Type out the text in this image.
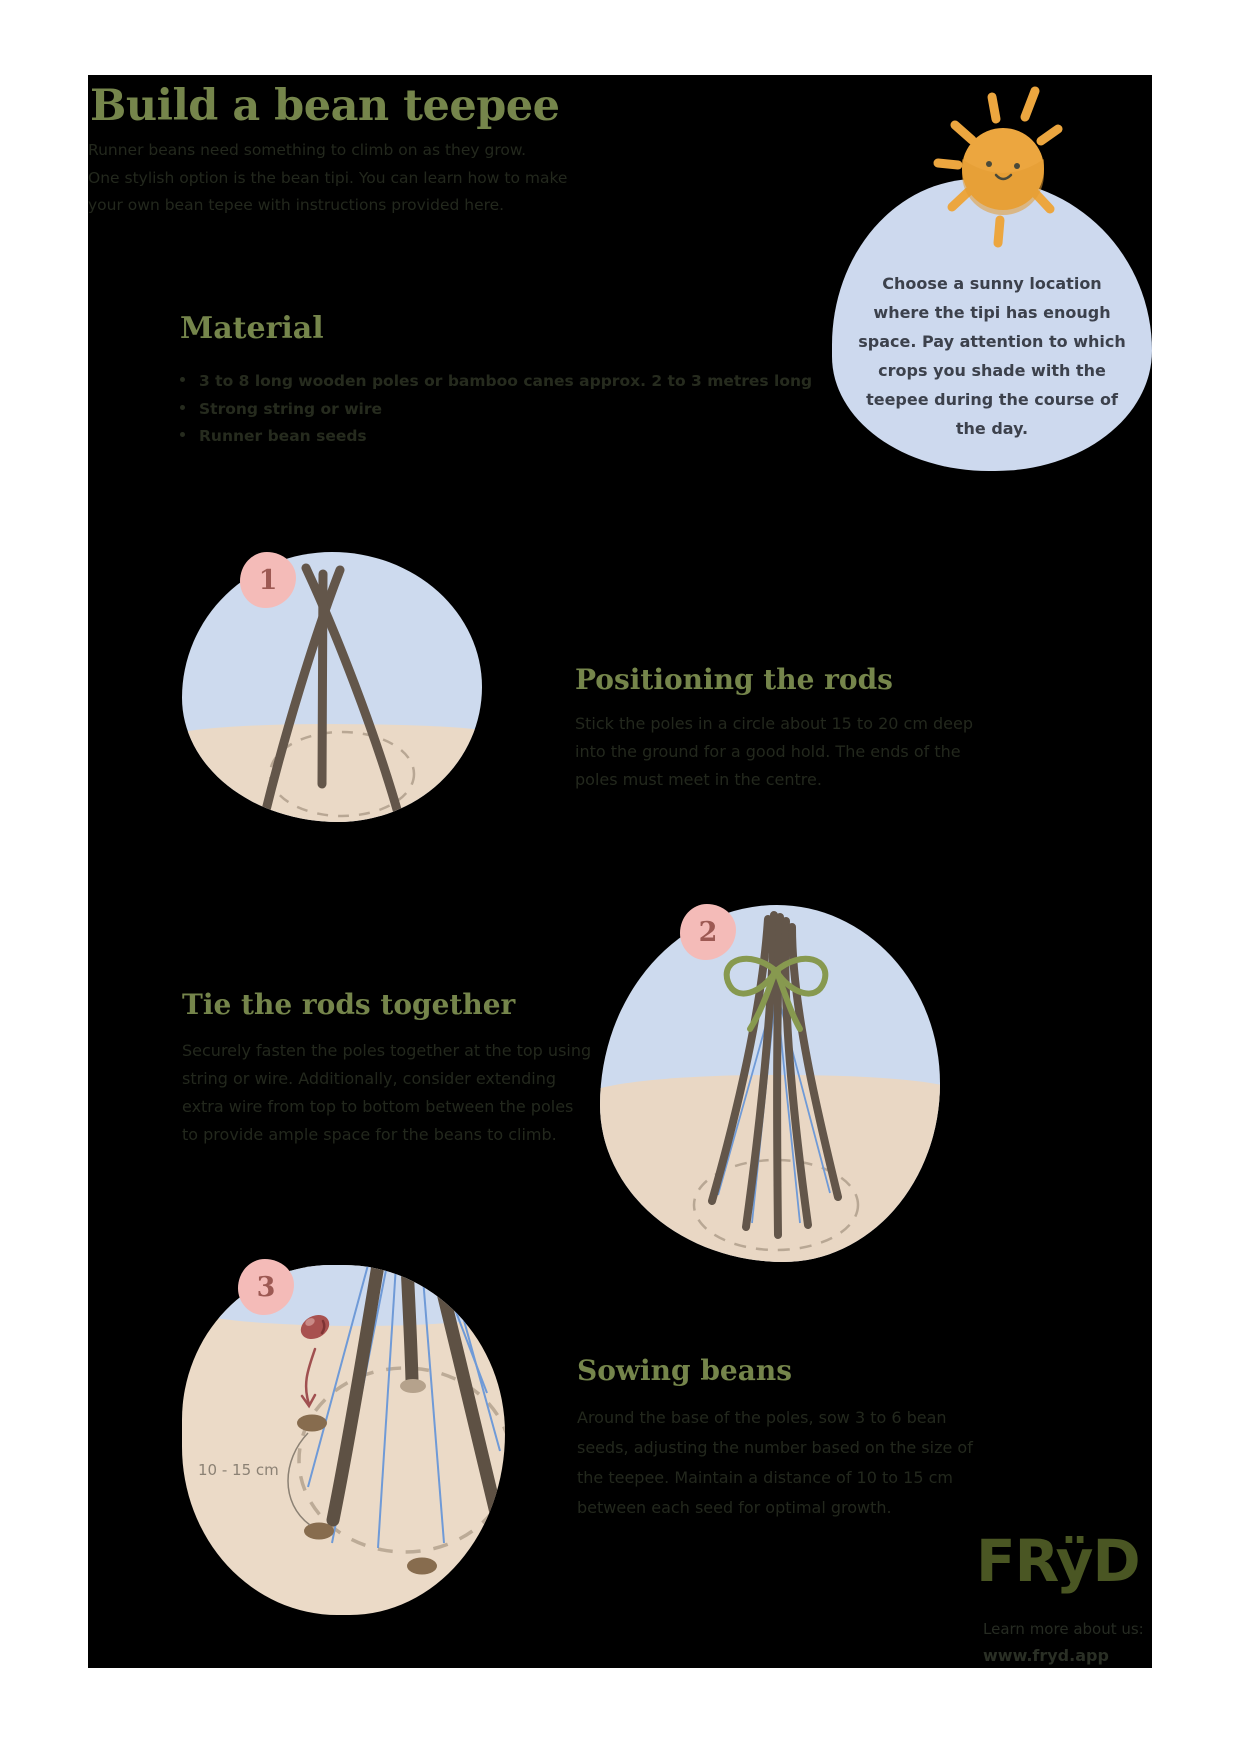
Build a bean teepee
Runner beans need something to climb on as they grow.
One stylish option is the bean tipi. You can learn how to make
your own bean tepee with instructions provided here.
Material
3 to 8 long wooden poles or bamboo canes approx. 2 to 3 metres long
Strong string or wire
Runner bean seeds
Choose a sunny location
where the tipi has enough
space. Pay attention to which
crops you shade with the
teepee during the course of
the day.
1
Positioning the rods
Stick the poles in a circle about 15 to 20 cm deep
into the ground for a good hold. The ends of the
poles must meet in the centre.
Tie the rods together
Securely fasten the poles together at the top using
string or wire. Additionally, consider extending
extra wire from top to bottom between the poles
to provide ample space for the beans to climb.
2
3
10 - 15 cm
Sowing beans
Around the base of the poles, sow 3 to 6 bean
seeds, adjusting the number based on the size of
the teepee. Maintain a distance of 10 to 15 cm
between each seed for optimal growth.
FRÿD
Learn more about us:
www.fryd.app
